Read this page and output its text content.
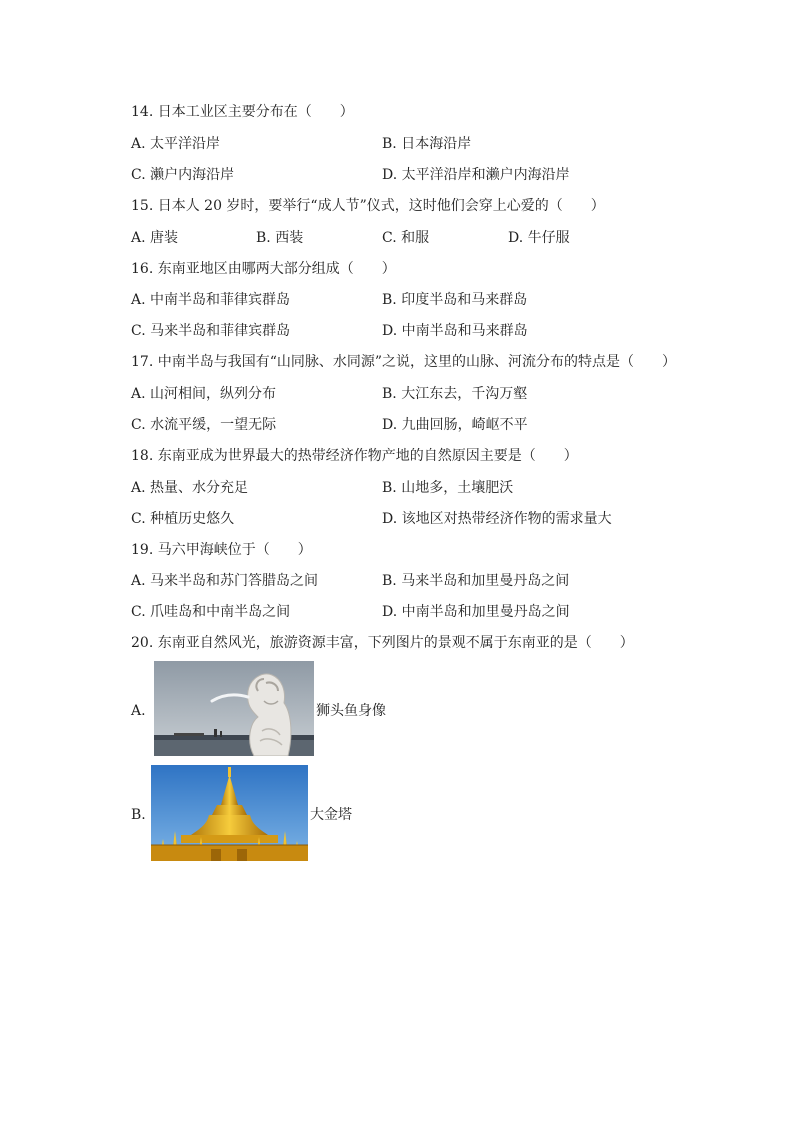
14. 日本工业区主要分布在（　　）
A. 太平洋沿岸	B. 日本海沿岸
C. 濑户内海沿岸	D. 太平洋沿岸和濑户内海沿岸
15. 日本人 20 岁时，要举行“成人节”仪式，这时他们会穿上心爱的（　　）
A. 唐装	B. 西装	C. 和服	D. 牛仔服
16. 东南亚地区由哪两大部分组成（　　）
A. 中南半岛和菲律宾群岛	B. 印度半岛和马来群岛
C. 马来半岛和菲律宾群岛	D. 中南半岛和马来群岛
17. 中南半岛与我国有“山同脉、水同源”之说，这里的山脉、河流分布的特点是（　　）
A. 山河相间，纵列分布	B. 大江东去，千沟万壑
C. 水流平缓，一望无际	D. 九曲回肠，崎岖不平
18. 东南亚成为世界最大的热带经济作物产地的自然原因主要是（　　）
A. 热量、水分充足	B. 山地多，土壤肥沃
C. 种植历史悠久	D. 该地区对热带经济作物的需求量大
19. 马六甲海峡位于（　　）
A. 马来半岛和苏门答腊岛之间	B. 马来半岛和加里曼丹岛之间
C. 爪哇岛和中南半岛之间	D. 中南半岛和加里曼丹岛之间
20. 东南亚自然风光，旅游资源丰富，下列图片的景观不属于东南亚的是（　　）
A.	狮头鱼身像
B.	大金塔
